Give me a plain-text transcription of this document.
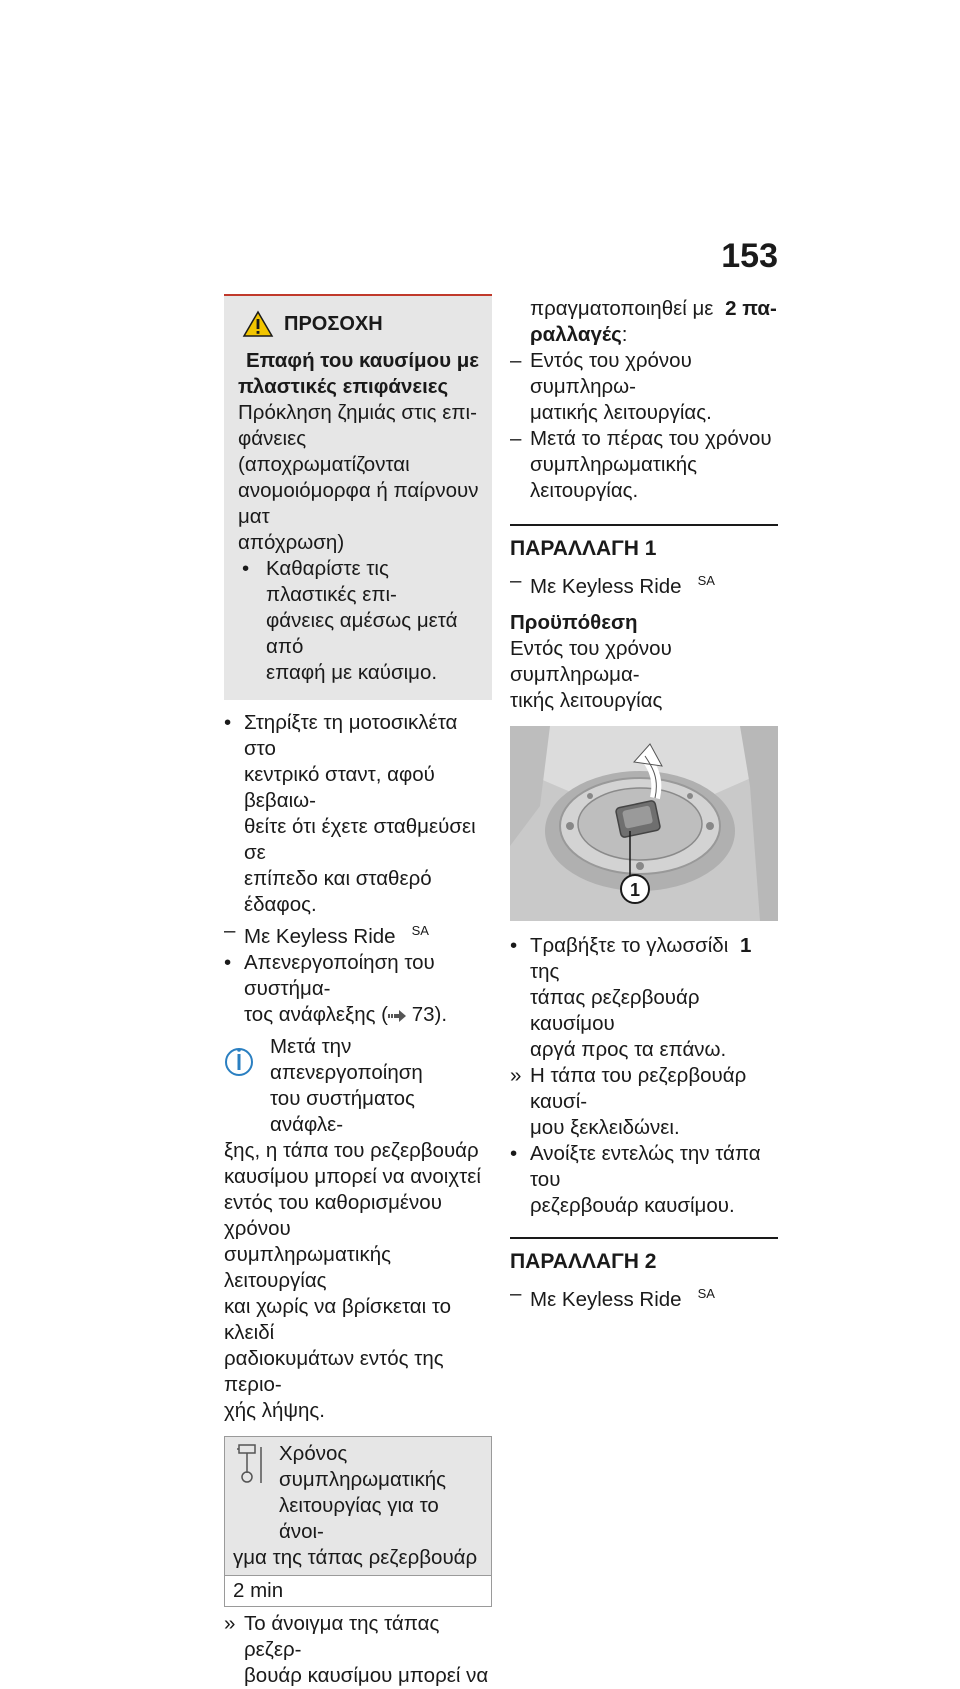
153
ΠΡΟΣΟΧΗ

Επαφή του καυσίμου με

πλαστικές επιφάνειες

Πρόκληση ζημιάς στις επι-

φάνειες (αποχρωματίζονται

ανομοιόμορφα ή παίρνουν ματ

απόχρωση)

• Καθαρίστε τις πλαστικές επι-

φάνειες αμέσως μετά από

επαφή με καύσιμο.

• Στηρίξτε τη μοτοσικλέτα στο

κεντρικό σταντ, αφού βεβαιω-

θείτε ότι έχετε σταθμεύσει σε

επίπεδο και σταθερό έδαφος.

– Με Keyless Ride $^{SA}$

• Απενεργοποίηση του συστήμα-

τος ανάφλεξης ( 73).

Μετά την απενεργοποίηση

του συστήματος ανάφλε-

ξης, η τάπα του ρεζερβουάρ

καυσίμου μπορεί να ανοιχτεί

εντός του καθορισμένου χρόνου

συμπληρωματικής λειτουργίας

και χωρίς να βρίσκεται το κλειδί

ραδιοκυμάτων εντός της περιο-

χής λήψης.

Χρόνος συμπληρωματικής

λειτουργίας για το άνοι-

γμα της τάπας ρεζερβουάρ

2 min
» Το άνοιγμα της τάπας ρεζερ-

βουάρ καυσίμου μπορεί να

πραγματοποιηθεί με 2 πα-

ραλλαγές:

– Εντός του χρόνου συμπληρω-

ματικής λειτουργίας.

– Μετά το πέρας του χρόνου

συμπληρωματικής λειτουργίας.

ΠΑΡΑΛΛΑΓΗ 1
– Με Keyless Ride $^{SA}$

Προϋπόθεση

Εντός του χρόνου συμπληρωμα-

τικής λειτουργίας

1
• Τραβήξτε το γλωσσίδι 1 της

τάπας ρεζερβουάρ καυσίμου

αργά προς τα επάνω.

» Η τάπα του ρεζερβουάρ καυσί-

μου ξεκλειδώνει.

• Ανοίξτε εντελώς την τάπα του

ρεζερβουάρ καυσίμου.

ΠΑΡΑΛΛΑΓΗ 2
– Με Keyless Ride $^{SA}$
